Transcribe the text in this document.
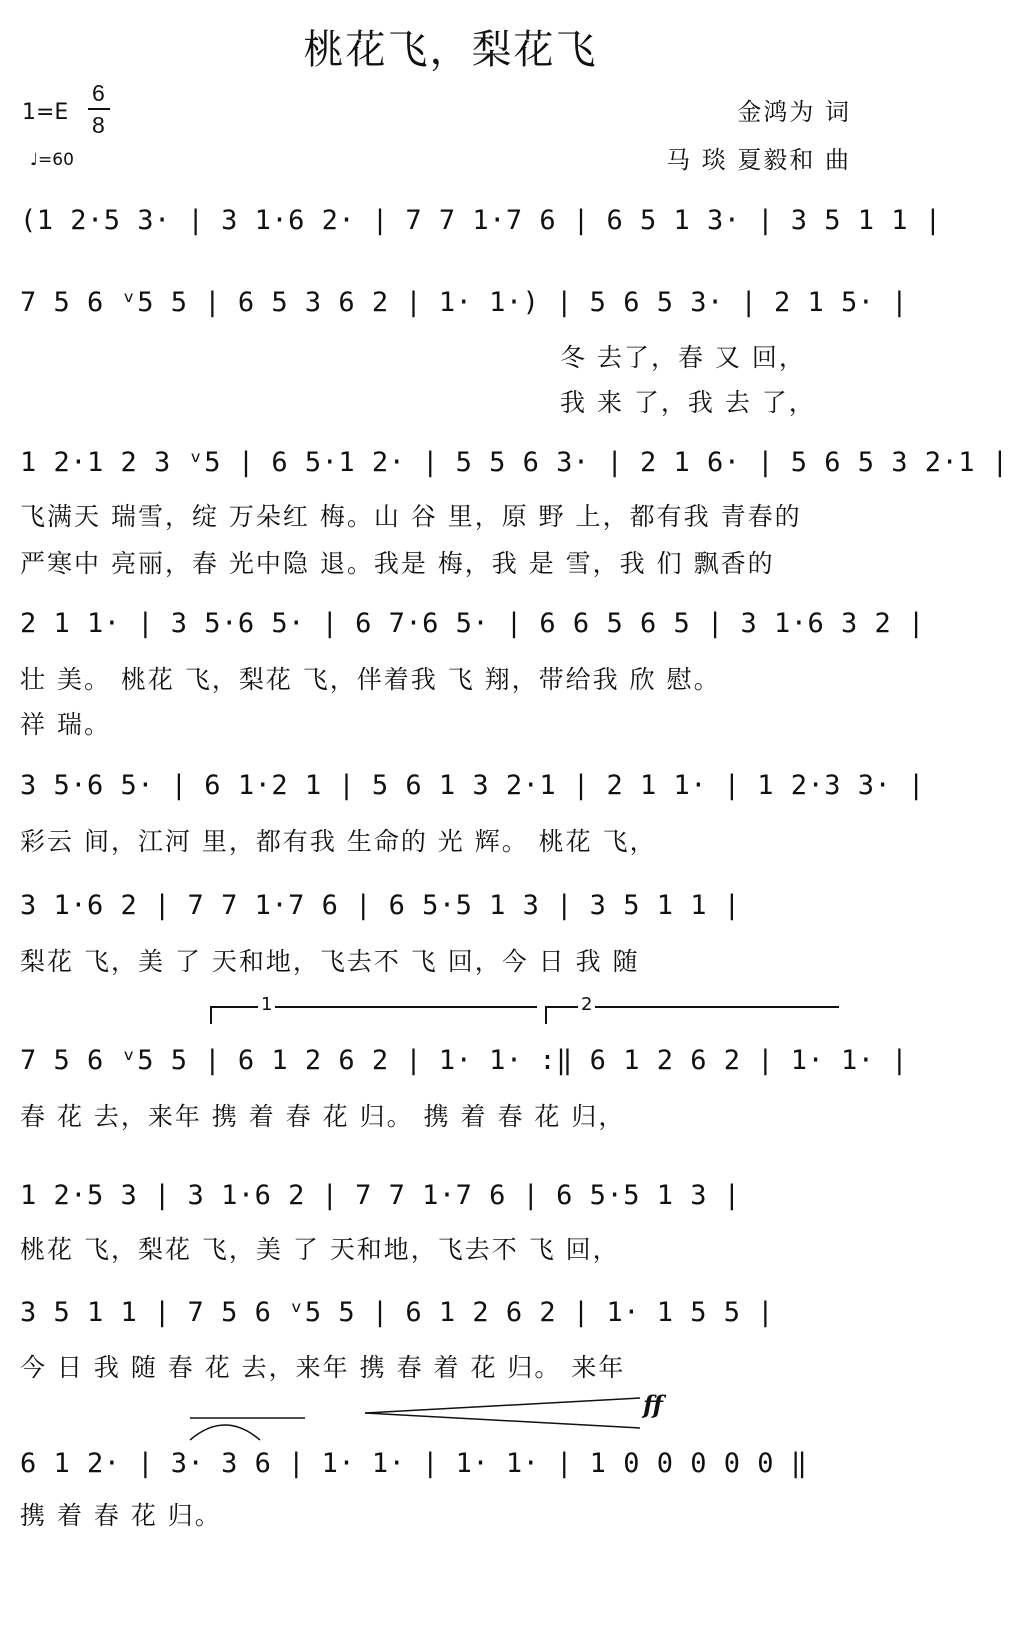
桃花飞，梨花飞
1=E
6
8
♩=60
金鸿为 词
马 琰 夏毅和 曲
(1 2·5 3· | 3 1·6 2· | 7 7 1·7 6 | 6 5 1 3· | 3 5 1 1 |
7 5 6 ᵛ5 5 | 6 5 3 6 2 | 1· 1·) | 5 6 5 3· | 2 1 5· |
冬 去了，春 又 回，
我 来 了，我 去 了，
1 2·1 2 3 ᵛ5 | 6 5·1 2· | 5 5 6 3· | 2 1 6· | 5 6 5 3 2·1 |
飞满天 瑞雪，绽 万朵红 梅。山 谷 里，原 野 上，都有我 青春的
严寒中 亮丽，春 光中隐 退。我是 梅，我 是 雪，我 们 飘香的
2 1 1· | 3 5·6 5· | 6 7·6 5· | 6 6 5 6 5 | 3 1·6 3 2 |
壮 美。 桃花 飞，梨花 飞，伴着我 飞 翔，带给我 欣 慰。
祥 瑞。
3 5·6 5· | 6 1·2 1 | 5 6 1 3 2·1 | 2 1 1· | 1 2·3 3· |
彩云 间，江河 里，都有我 生命的 光 辉。 桃花 飞，
3 1·6 2 | 7 7 1·7 6 | 6 5·5 1 3 | 3 5 1 1 |
梨花 飞，美 了 天和地，飞去不 飞 回，今 日 我 随
1	2
7 5 6 ᵛ5 5 | 6 1 2 6 2 | 1· 1· :‖ 6 1 2 6 2 | 1· 1· |
春 花 去，来年 携 着 春 花 归。 携 着 春 花 归，
1 2·5 3 | 3 1·6 2 | 7 7 1·7 6 | 6 5·5 1 3 |
桃花 飞，梨花 飞，美 了 天和地，飞去不 飞 回，
3 5 1 1 | 7 5 6 ᵛ5 5 | 6 1 2 6 2 | 1· 1 5 5 |
今 日 我 随 春 花 去，来年 携 春 着 花 归。 来年
ff
6 1 2· | 3· 3 6 | 1· 1· | 1· 1· | 1 0 0 0 0 0 ‖
携 着 春 花 归。
